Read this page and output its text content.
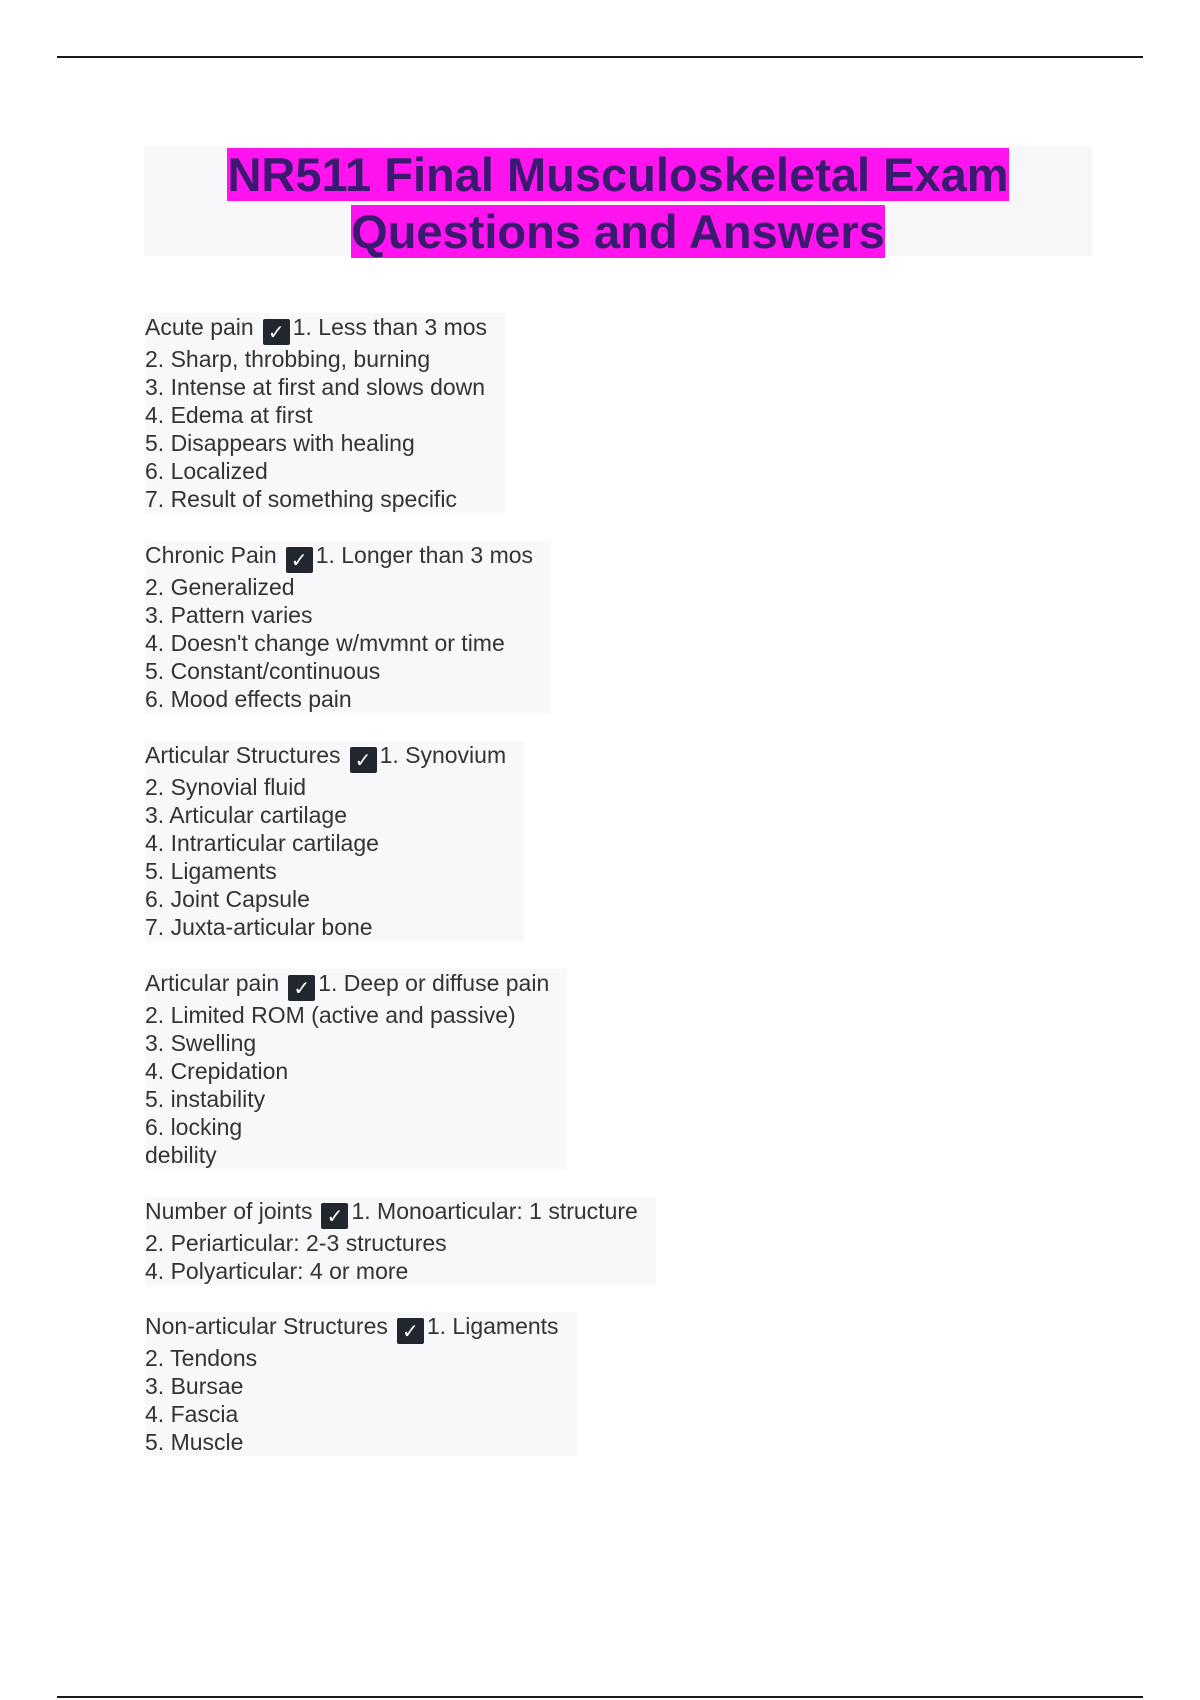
NR511 Final Musculoskeletal Exam
Questions and Answers
Acute pain ✓ 1. Less than 3 mos
2. Sharp, throbbing, burning
3. Intense at first and slows down
4. Edema at first
5. Disappears with healing
6. Localized
7. Result of something specific
Chronic Pain ✓ 1. Longer than 3 mos
2. Generalized
3. Pattern varies
4. Doesn't change w/mvmnt or time
5. Constant/continuous
6. Mood effects pain
Articular Structures ✓ 1. Synovium
2. Synovial fluid
3. Articular cartilage
4. Intrarticular cartilage
5. Ligaments
6. Joint Capsule
7. Juxta-articular bone
Articular pain ✓ 1. Deep or diffuse pain
2. Limited ROM (active and passive)
3. Swelling
4. Crepidation
5. instability
6. locking
debility
Number of joints ✓ 1. Monoarticular: 1 structure
2. Periarticular: 2-3 structures
4. Polyarticular: 4 or more
Non-articular Structures ✓ 1. Ligaments
2. Tendons
3. Bursae
4. Fascia
5. Muscle
